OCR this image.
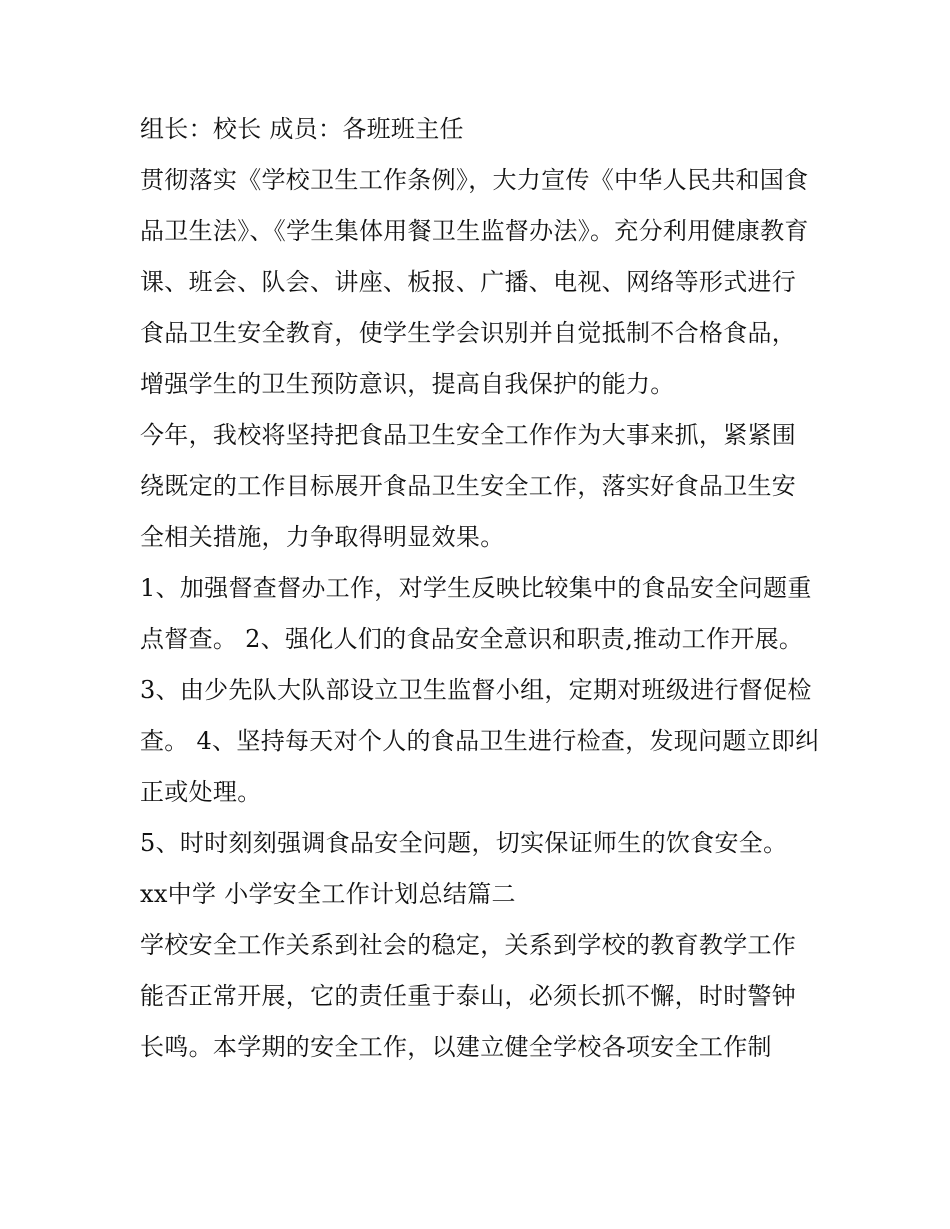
组长：校长 成员：各班班主任

贯彻落实《学校卫生工作条例》，大力宣传《中华人民共和国食品卫生法》、《学生集体用餐卫生监督办法》。充分利用健康教育课、班会、队会、讲座、板报、广播、电视、网络等形式进行食品卫生安全教育，使学生学会识别并自觉抵制不合格食品，增强学生的卫生预防意识，提高自我保护的能力。

今年，我校将坚持把食品卫生安全工作作为大事来抓，紧紧围绕既定的工作目标展开食品卫生安全工作，落实好食品卫生安全相关措施，力争取得明显效果。

1、加强督查督办工作，对学生反映比较集中的食品安全问题重点督查。 2、强化人们的食品安全意识和职责,推动工作开展。

3、由少先队大队部设立卫生监督小组，定期对班级进行督促检查。 4、坚持每天对个人的食品卫生进行检查，发现问题立即纠正或处理。

5、时时刻刻强调食品安全问题，切实保证师生的饮食安全。

xx中学 小学安全工作计划总结篇二

学校安全工作关系到社会的稳定，关系到学校的教育教学工作能否正常开展，它的责任重于泰山，必须长抓不懈，时时警钟长鸣。本学期的安全工作，以建立健全学校各项安全工作制
